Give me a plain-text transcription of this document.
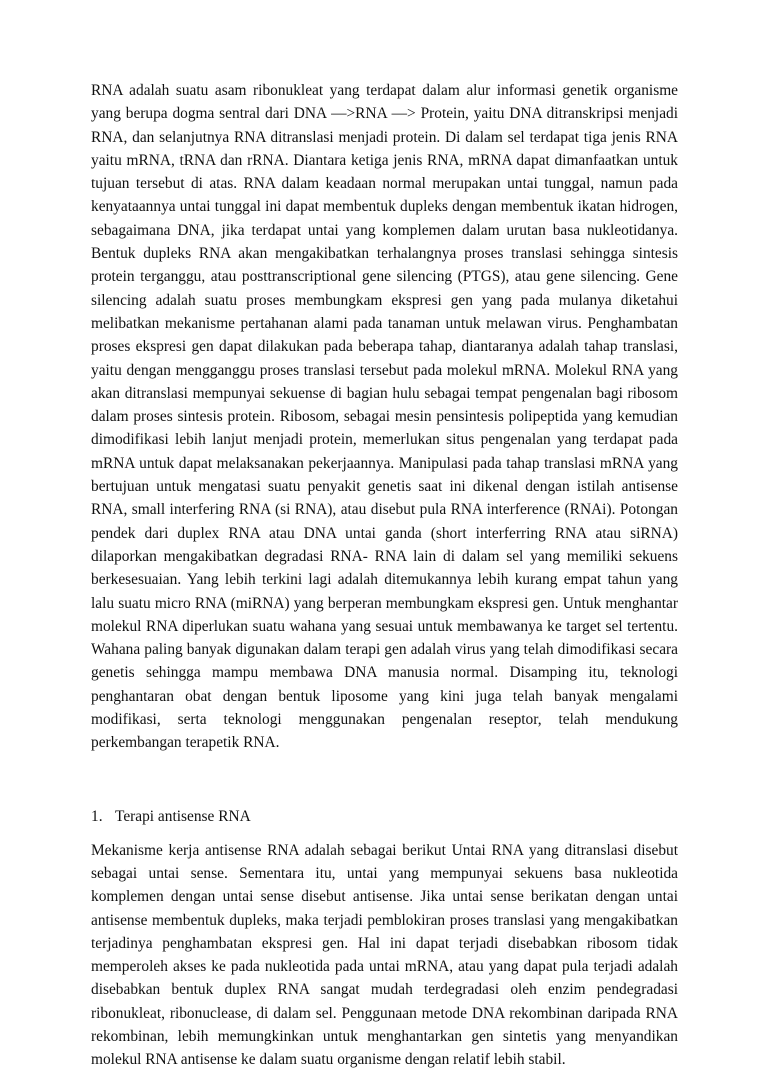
RNA adalah suatu asam ribonukleat yang terdapat dalam alur informasi genetik organisme yang berupa dogma sentral dari DNA —>RNA —> Protein, yaitu DNA ditranskripsi menjadi RNA, dan selanjutnya RNA ditranslasi menjadi protein. Di dalam sel terdapat tiga jenis RNA yaitu mRNA, tRNA dan rRNA. Diantara ketiga jenis RNA, mRNA dapat dimanfaatkan untuk tujuan tersebut di atas. RNA dalam keadaan normal merupakan untai tunggal, namun pada kenyataannya untai tunggal ini dapat membentuk dupleks dengan membentuk ikatan hidrogen, sebagaimana DNA, jika terdapat untai yang komplemen dalam urutan basa nukleotidanya. Bentuk dupleks RNA akan mengakibatkan terhalangnya proses translasi sehingga sintesis protein terganggu, atau posttranscriptional gene silencing (PTGS), atau gene silencing. Gene silencing adalah suatu proses membungkam ekspresi gen yang pada mulanya diketahui melibatkan mekanisme pertahanan alami pada tanaman untuk melawan virus. Penghambatan proses ekspresi gen dapat dilakukan pada beberapa tahap, diantaranya adalah tahap translasi, yaitu dengan mengganggu proses translasi tersebut pada molekul mRNA. Molekul RNA yang akan ditranslasi mempunyai sekuense di bagian hulu sebagai tempat pengenalan bagi ribosom dalam proses sintesis protein. Ribosom, sebagai mesin pensintesis polipeptida yang kemudian dimodifikasi lebih lanjut menjadi protein, memerlukan situs pengenalan yang terdapat pada mRNA untuk dapat melaksanakan pekerjaannya. Manipulasi pada tahap translasi mRNA yang bertujuan untuk mengatasi suatu penyakit genetis saat ini dikenal dengan istilah antisense RNA, small interfering RNA (si RNA), atau disebut pula RNA interference (RNAi). Potongan pendek dari duplex RNA atau DNA untai ganda (short interferring RNA atau siRNA) dilaporkan mengakibatkan degradasi RNA- RNA lain di dalam sel yang memiliki sekuens berkesesuaian. Yang lebih terkini lagi adalah ditemukannya lebih kurang empat tahun yang lalu suatu micro RNA (miRNA) yang berperan membungkam ekspresi gen. Untuk menghantar molekul RNA diperlukan suatu wahana yang sesuai untuk membawanya ke target sel tertentu. Wahana paling banyak digunakan dalam terapi gen adalah virus yang telah dimodifikasi secara genetis sehingga mampu membawa DNA manusia normal. Disamping itu, teknologi penghantaran obat dengan bentuk liposome yang kini juga telah banyak mengalami modifikasi, serta teknologi menggunakan pengenalan reseptor, telah mendukung perkembangan terapetik RNA.

1. Terapi antisense RNA

Mekanisme kerja antisense RNA adalah sebagai berikut Untai RNA yang ditranslasi disebut sebagai untai sense. Sementara itu, untai yang mempunyai sekuens basa nukleotida komplemen dengan untai sense disebut antisense. Jika untai sense berikatan dengan untai antisense membentuk dupleks, maka terjadi pemblokiran proses translasi yang mengakibatkan terjadinya penghambatan ekspresi gen. Hal ini dapat terjadi disebabkan ribosom tidak memperoleh akses ke pada nukleotida pada untai mRNA, atau yang dapat pula terjadi adalah disebabkan bentuk duplex RNA sangat mudah terdegradasi oleh enzim pendegradasi ribonukleat, ribonuclease, di dalam sel. Penggunaan metode DNA rekombinan daripada RNA rekombinan, lebih memungkinkan untuk menghantarkan gen sintetis yang menyandikan molekul RNA antisense ke dalam suatu organisme dengan relatif lebih stabil.
